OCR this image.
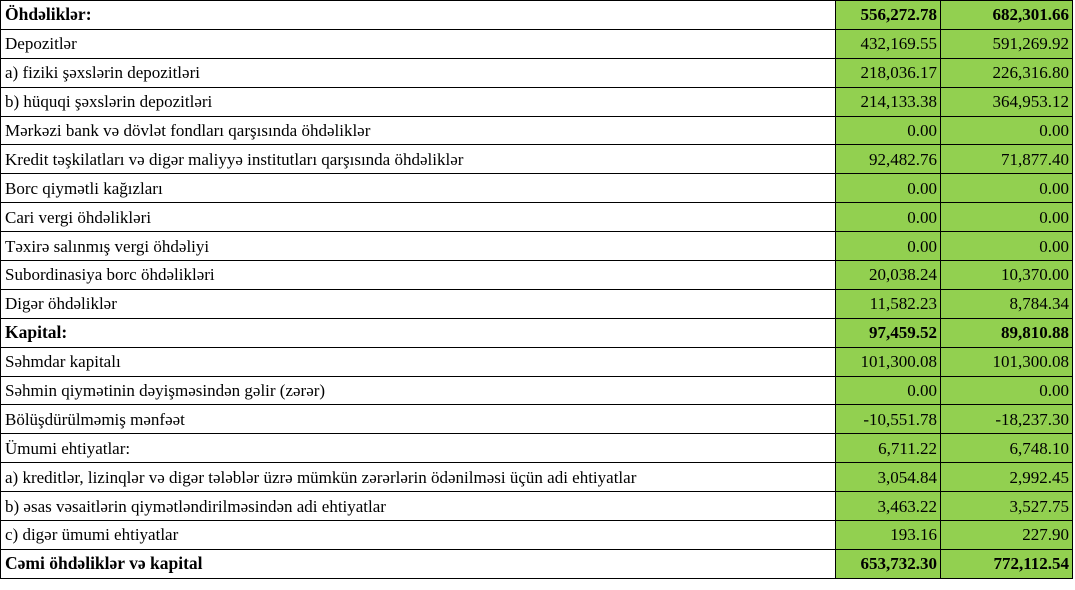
Öhdəliklər:	556,272.78	682,301.66
Depozitlər	432,169.55	591,269.92
a) fiziki şəxslərin depozitləri	218,036.17	226,316.80
b) hüquqi şəxslərin depozitləri	214,133.38	364,953.12
Mərkəzi bank və dövlət fondları qarşısında öhdəliklər	0.00	0.00
Kredit təşkilatları və digər maliyyə institutları qarşısında öhdəliklər	92,482.76	71,877.40
Borc qiymətli kağızları	0.00	0.00
Cari vergi öhdəlikləri	0.00	0.00
Təxirə salınmış vergi öhdəliyi	0.00	0.00
Subordinasiya borc öhdəlikləri	20,038.24	10,370.00
Digər öhdəliklər	11,582.23	8,784.34
Kapital:	97,459.52	89,810.88
Səhmdar kapitalı	101,300.08	101,300.08
Səhmin qiymətinin dəyişməsindən gəlir (zərər)	0.00	0.00
Bölüşdürülməmiş mənfəət	-10,551.78	-18,237.30
Ümumi ehtiyatlar:	6,711.22	6,748.10
a) kreditlər, lizinqlər və digər tələblər üzrə mümkün zərərlərin ödənilməsi üçün adi ehtiyatlar	3,054.84	2,992.45
b) əsas vəsaitlərin qiymətləndirilməsindən adi ehtiyatlar	3,463.22	3,527.75
c) digər ümumi ehtiyatlar	193.16	227.90
Cəmi öhdəliklər və kapital	653,732.30	772,112.54
